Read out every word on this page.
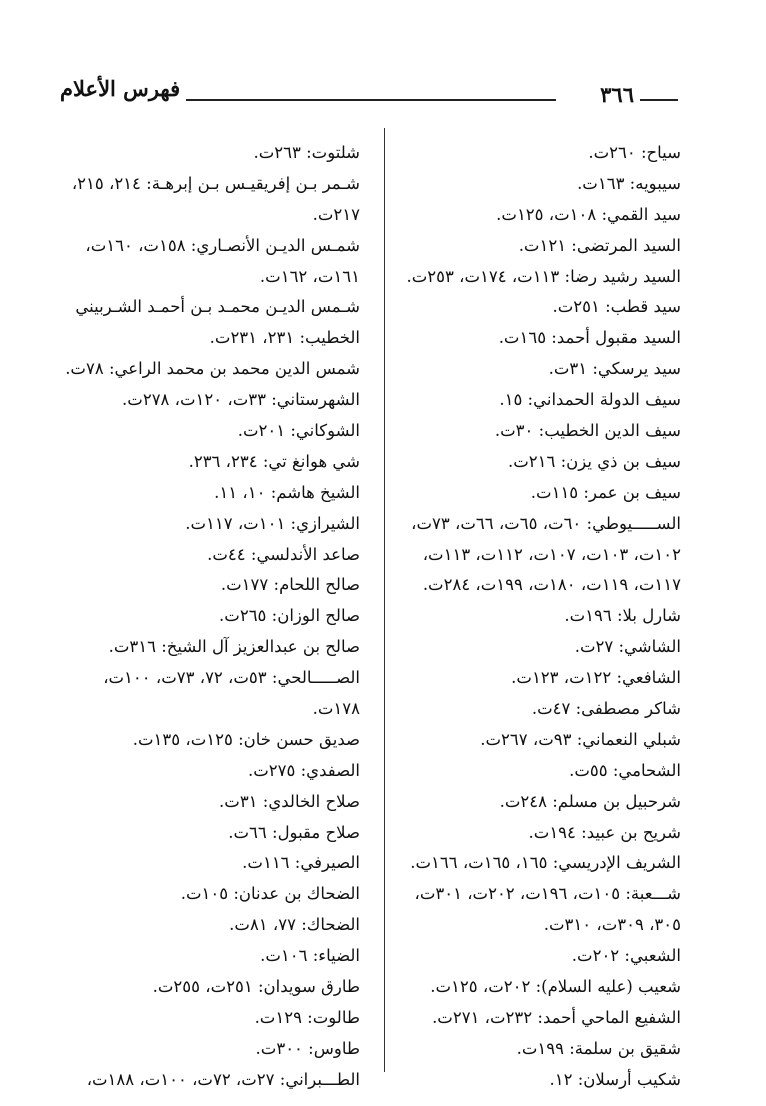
فهرس الأعلام	٣٦٦
سياح: ٢٦٠ت.
سيبويه: ١٦٣ت.
سيد القمي: ١٠٨ت، ١٢٥ت.
السيد المرتضى: ١٢١ت.
السيد رشيد رضا: ١١٣ت، ١٧٤ت، ٢٥٣ت.
سيد قطب: ٢٥١ت.
السيد مقبول أحمد: ١٦٥ت.
سيد يرسكي: ٣١ت.
سيف الدولة الحمداني: ١٥.
سيف الدين الخطيب: ٣٠ت.
سيف بن ذي يزن: ٢١٦ت.
سيف بن عمر: ١١٥ت.
الســـــيوطي: ٦٠ت، ٦٥ت، ٦٦ت، ٧٣ت،
١٠٢ت، ١٠٣ت، ١٠٧ت، ١١٢ت، ١١٣ت،
١١٧ت، ١١٩ت، ١٨٠ت، ١٩٩ت، ٢٨٤ت.
شارل بلا: ١٩٦ت.
الشاشي: ٢٧ت.
الشافعي: ١٢٢ت، ١٢٣ت.
شاكر مصطفى: ٤٧ت.
شبلي النعماني: ٩٣ت، ٢٦٧ت.
الشحامي: ٥٥ت.
شرحبيل بن مسلم: ٢٤٨ت.
شريح بن عبيد: ١٩٤ت.
الشريف الإدريسي: ١٦٥، ١٦٥ت، ١٦٦ت.
شـــعبة: ١٠٥ت، ١٩٦ت، ٢٠٢ت، ٣٠١ت،
٣٠٥، ٣٠٩ت، ٣١٠ت.
الشعبي: ٢٠٢ت.
شعيب (عليه السلام): ٢٠٢ت، ١٢٥ت.
الشفيع الماحي أحمد: ٢٣٢ت، ٢٧١ت.
شقيق بن سلمة: ١٩٩ت.
شكيب أرسلان: ١٢.
شلتوت: ٢٦٣ت.
شـمر بـن إفريقيـس بـن إبرهـة: ٢١٤، ٢١٥،
٢١٧ت.
شمـس الديـن الأنصـاري: ١٥٨ت، ١٦٠ت،
١٦١ت، ١٦٢ت.
شـمس الديـن محمـد بـن أحمـد الشـربيني
الخطيب: ٢٣١، ٢٣١ت.
شمس الدين محمد بن محمد الراعي: ٧٨ت.
الشهرستاني: ٣٣ت، ١٢٠ت، ٢٧٨ت.
الشوكاني: ٢٠١ت.
شي هوانغ تي: ٢٣٤، ٢٣٦.
الشيخ هاشم: ١٠، ١١.
الشيرازي: ١٠١ت، ١١٧ت.
صاعد الأندلسي: ٤٤ت.
صالح اللحام: ١٧٧ت.
صالح الوزان: ٢٦٥ت.
صالح بن عبدالعزيز آل الشيخ: ٣١٦ت.
الصـــــالحي: ٥٣ت، ٧٢، ٧٣ت، ١٠٠ت،
١٧٨ت.
صديق حسن خان: ١٢٥ت، ١٣٥ت.
الصفدي: ٢٧٥ت.
صلاح الخالدي: ٣١ت.
صلاح مقبول: ٦٦ت.
الصيرفي: ١١٦ت.
الضحاك بن عدنان: ١٠٥ت.
الضحاك: ٧٧، ٨١ت.
الضياء: ١٠٦ت.
طارق سويدان: ٢٥١ت، ٢٥٥ت.
طالوت: ١٢٩ت.
طاوس: ٣٠٠ت.
الطـــبراني: ٢٧ت، ٧٢ت، ١٠٠ت، ١٨٨ت،
